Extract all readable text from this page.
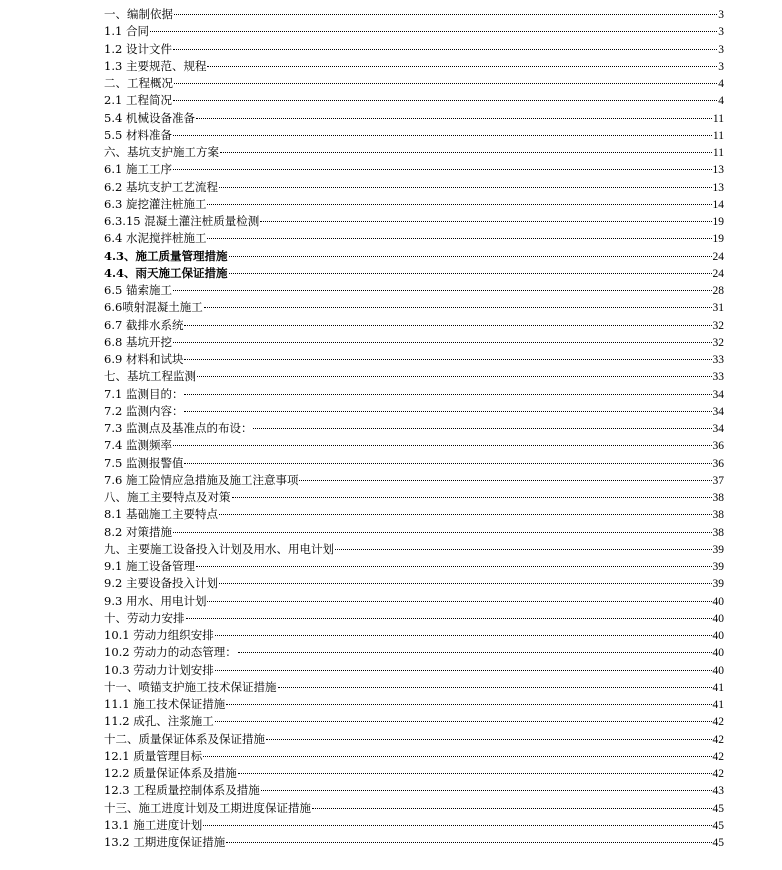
一、编制依据	3
1.1 合同	3
1.2 设计文件	3
1.3 主要规范、规程	3
二、工程概况	4
2.1 工程简况	4
5.4 机械设备准备	11
5.5 材料准备	11
六、基坑支护施工方案	11
6.1 施工工序	13
6.2 基坑支护工艺流程	13
6.3 旋挖灌注桩施工	14
6.3.15 混凝土灌注桩质量检测	19
6.4 水泥搅拌桩施工	19
4.3、施工质量管理措施	24
4.4、雨天施工保证措施	24
6.5 锚索施工	28
6.6喷射混凝土施工	31
6.7 截排水系统	32
6.8 基坑开挖	32
6.9 材料和试块	33
七、基坑工程监测	33
7.1 监测目的：	34
7.2 监测内容：	34
7.3 监测点及基准点的布设：	34
7.4 监测频率	36
7.5 监测报警值	36
7.6 施工险情应急措施及施工注意事项	37
八、施工主要特点及对策	38
8.1 基础施工主要特点	38
8.2 对策措施	38
九、主要施工设备投入计划及用水、用电计划	39
9.1 施工设备管理	39
9.2 主要设备投入计划	39
9.3 用水、用电计划	40
十、劳动力安排	40
10.1 劳动力组织安排	40
10.2 劳动力的动态管理：	40
10.3 劳动力计划安排	40
十一、喷锚支护施工技术保证措施	41
11.1 施工技术保证措施	41
11.2 成孔、注浆施工	42
十二、质量保证体系及保证措施	42
12.1 质量管理目标	42
12.2 质量保证体系及措施	42
12.3 工程质量控制体系及措施	43
十三、施工进度计划及工期进度保证措施	45
13.1 施工进度计划	45
13.2 工期进度保证措施	45
